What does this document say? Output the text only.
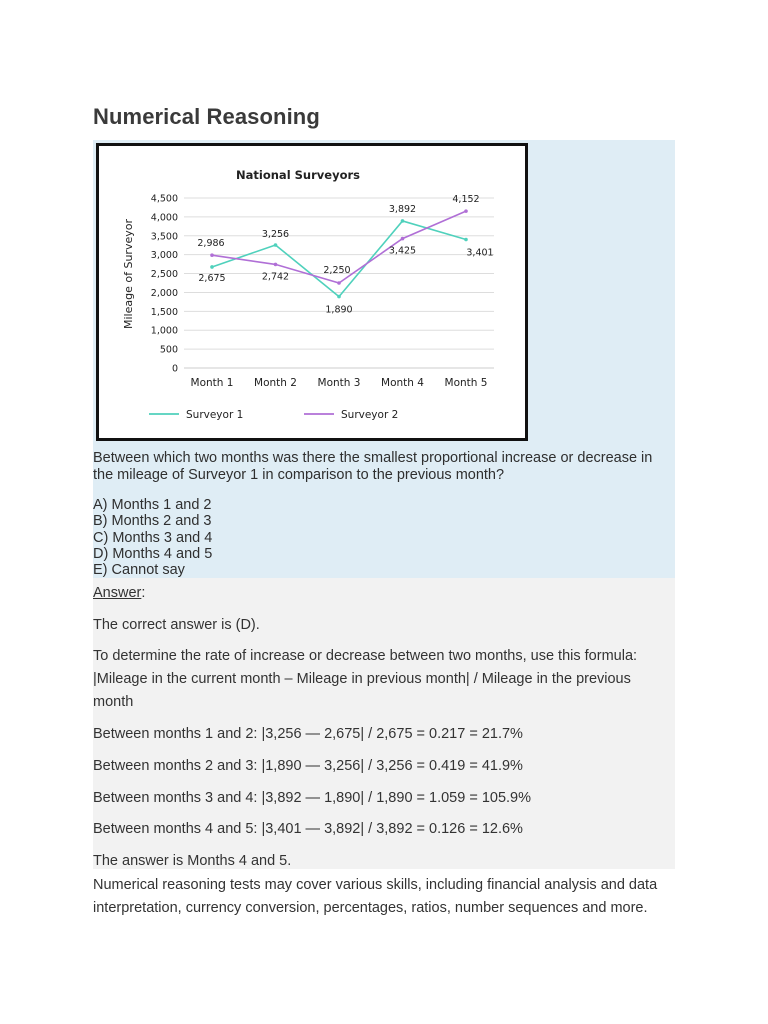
Numerical Reasoning
National Surveyors
Mileage of Surveyor
0
500
1,000
1,500
2,000
2,500
3,000
3,500
4,000
4,500
Month 1 Month 2 Month 3 Month 4 Month 5
2,675
3,256
1,890
3,892
3,401
2,986
2,742
2,250
3,425
4,152
Surveyor 1	Surveyor 2
Between which two months was there the smallest proportional increase or decrease in the mileage of Surveyor 1 in comparison to the previous month?
A) Months 1 and 2
B) Months 2 and 3
C) Months 3 and 4
D) Months 4 and 5
E) Cannot say
Answer:
The correct answer is (D).
To determine the rate of increase or decrease between two months, use this formula: |Mileage in the current month – Mileage in previous month| / Mileage in the previous month
Between months 1 and 2: |3,256 — 2,675| / 2,675 = 0.217 = 21.7%
Between months 2 and 3: |1,890 — 3,256| / 3,256 = 0.419 = 41.9%
Between months 3 and 4: |3,892 — 1,890| / 1,890 = 1.059 = 105.9%
Between months 4 and 5: |3,401 — 3,892| / 3,892 = 0.126 = 12.6%
The answer is Months 4 and 5.
Numerical reasoning tests may cover various skills, including financial analysis and data interpretation, currency conversion, percentages, ratios, number sequences and more.
